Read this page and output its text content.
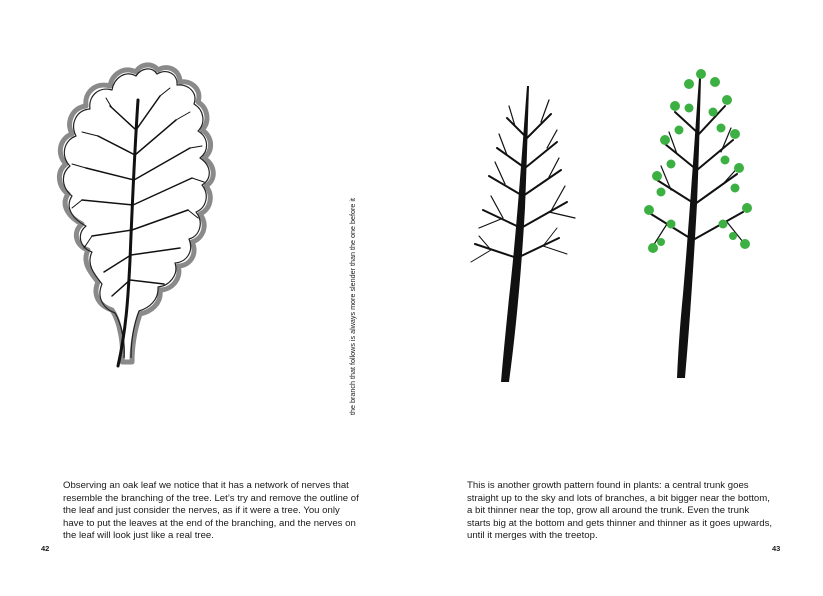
Observing an oak leaf we notice that it has a network of nerves that resemble the branching of the tree. Let’s try and remove the outline of the leaf and just consider the nerves, as if it were a tree. You only have to put the leaves at the end of the branching, and the nerves on the leaf will look just like a real tree.

42
the branch that follows is always more slender than the one before it

This is another growth pattern found in plants: a central trunk goes straight up to the sky and lots of branches, a bit bigger near the bottom, a bit thinner near the top, grow all around the trunk. Even the trunk starts big at the bottom and gets thinner and thinner as it goes upwards, until it merges with the treetop.

43
